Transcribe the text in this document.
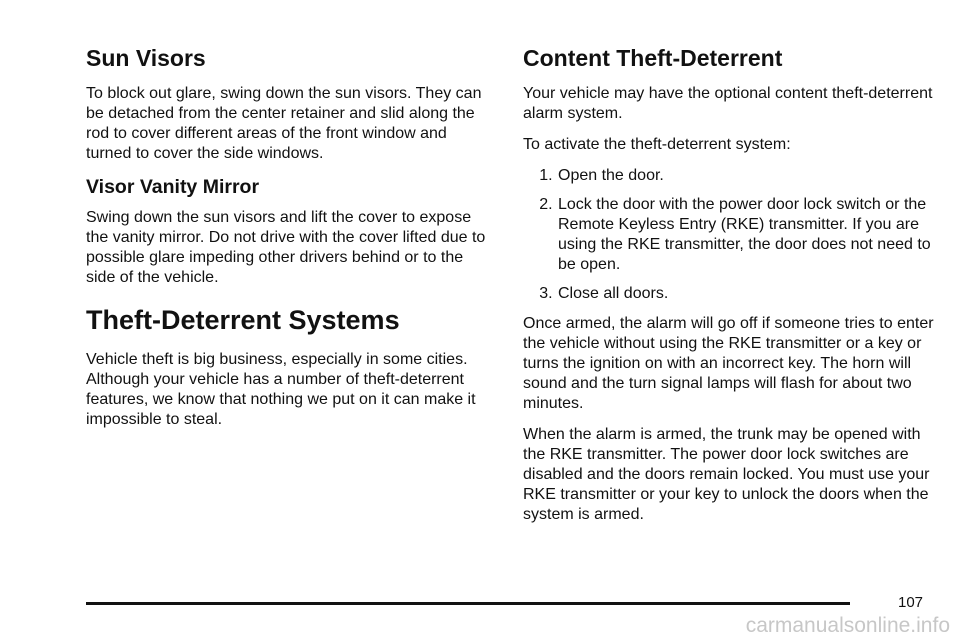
Sun Visors

To block out glare, swing down the sun visors. They can be detached from the center retainer and slid along the rod to cover different areas of the front window and turned to cover the side windows.

Visor Vanity Mirror

Swing down the sun visors and lift the cover to expose the vanity mirror. Do not drive with the cover lifted due to possible glare impeding other drivers behind or to the side of the vehicle.

Theft-Deterrent Systems

Vehicle theft is big business, especially in some cities. Although your vehicle has a number of theft-deterrent features, we know that nothing we put on it can make it impossible to steal.

Content Theft-Deterrent

Your vehicle may have the optional content theft-deterrent alarm system.

To activate the theft-deterrent system:

1. Open the door.
2. Lock the door with the power door lock switch or the Remote Keyless Entry (RKE) transmitter. If you are using the RKE transmitter, the door does not need to be open.
3. Close all doors.

Once armed, the alarm will go off if someone tries to enter the vehicle without using the RKE transmitter or a key or turns the ignition on with an incorrect key. The horn will sound and the turn signal lamps will flash for about two minutes.

When the alarm is armed, the trunk may be opened with the RKE transmitter. The power door lock switches are disabled and the doors remain locked. You must use your RKE transmitter or your key to unlock the doors when the system is armed.

107
carmanualsonline.info
